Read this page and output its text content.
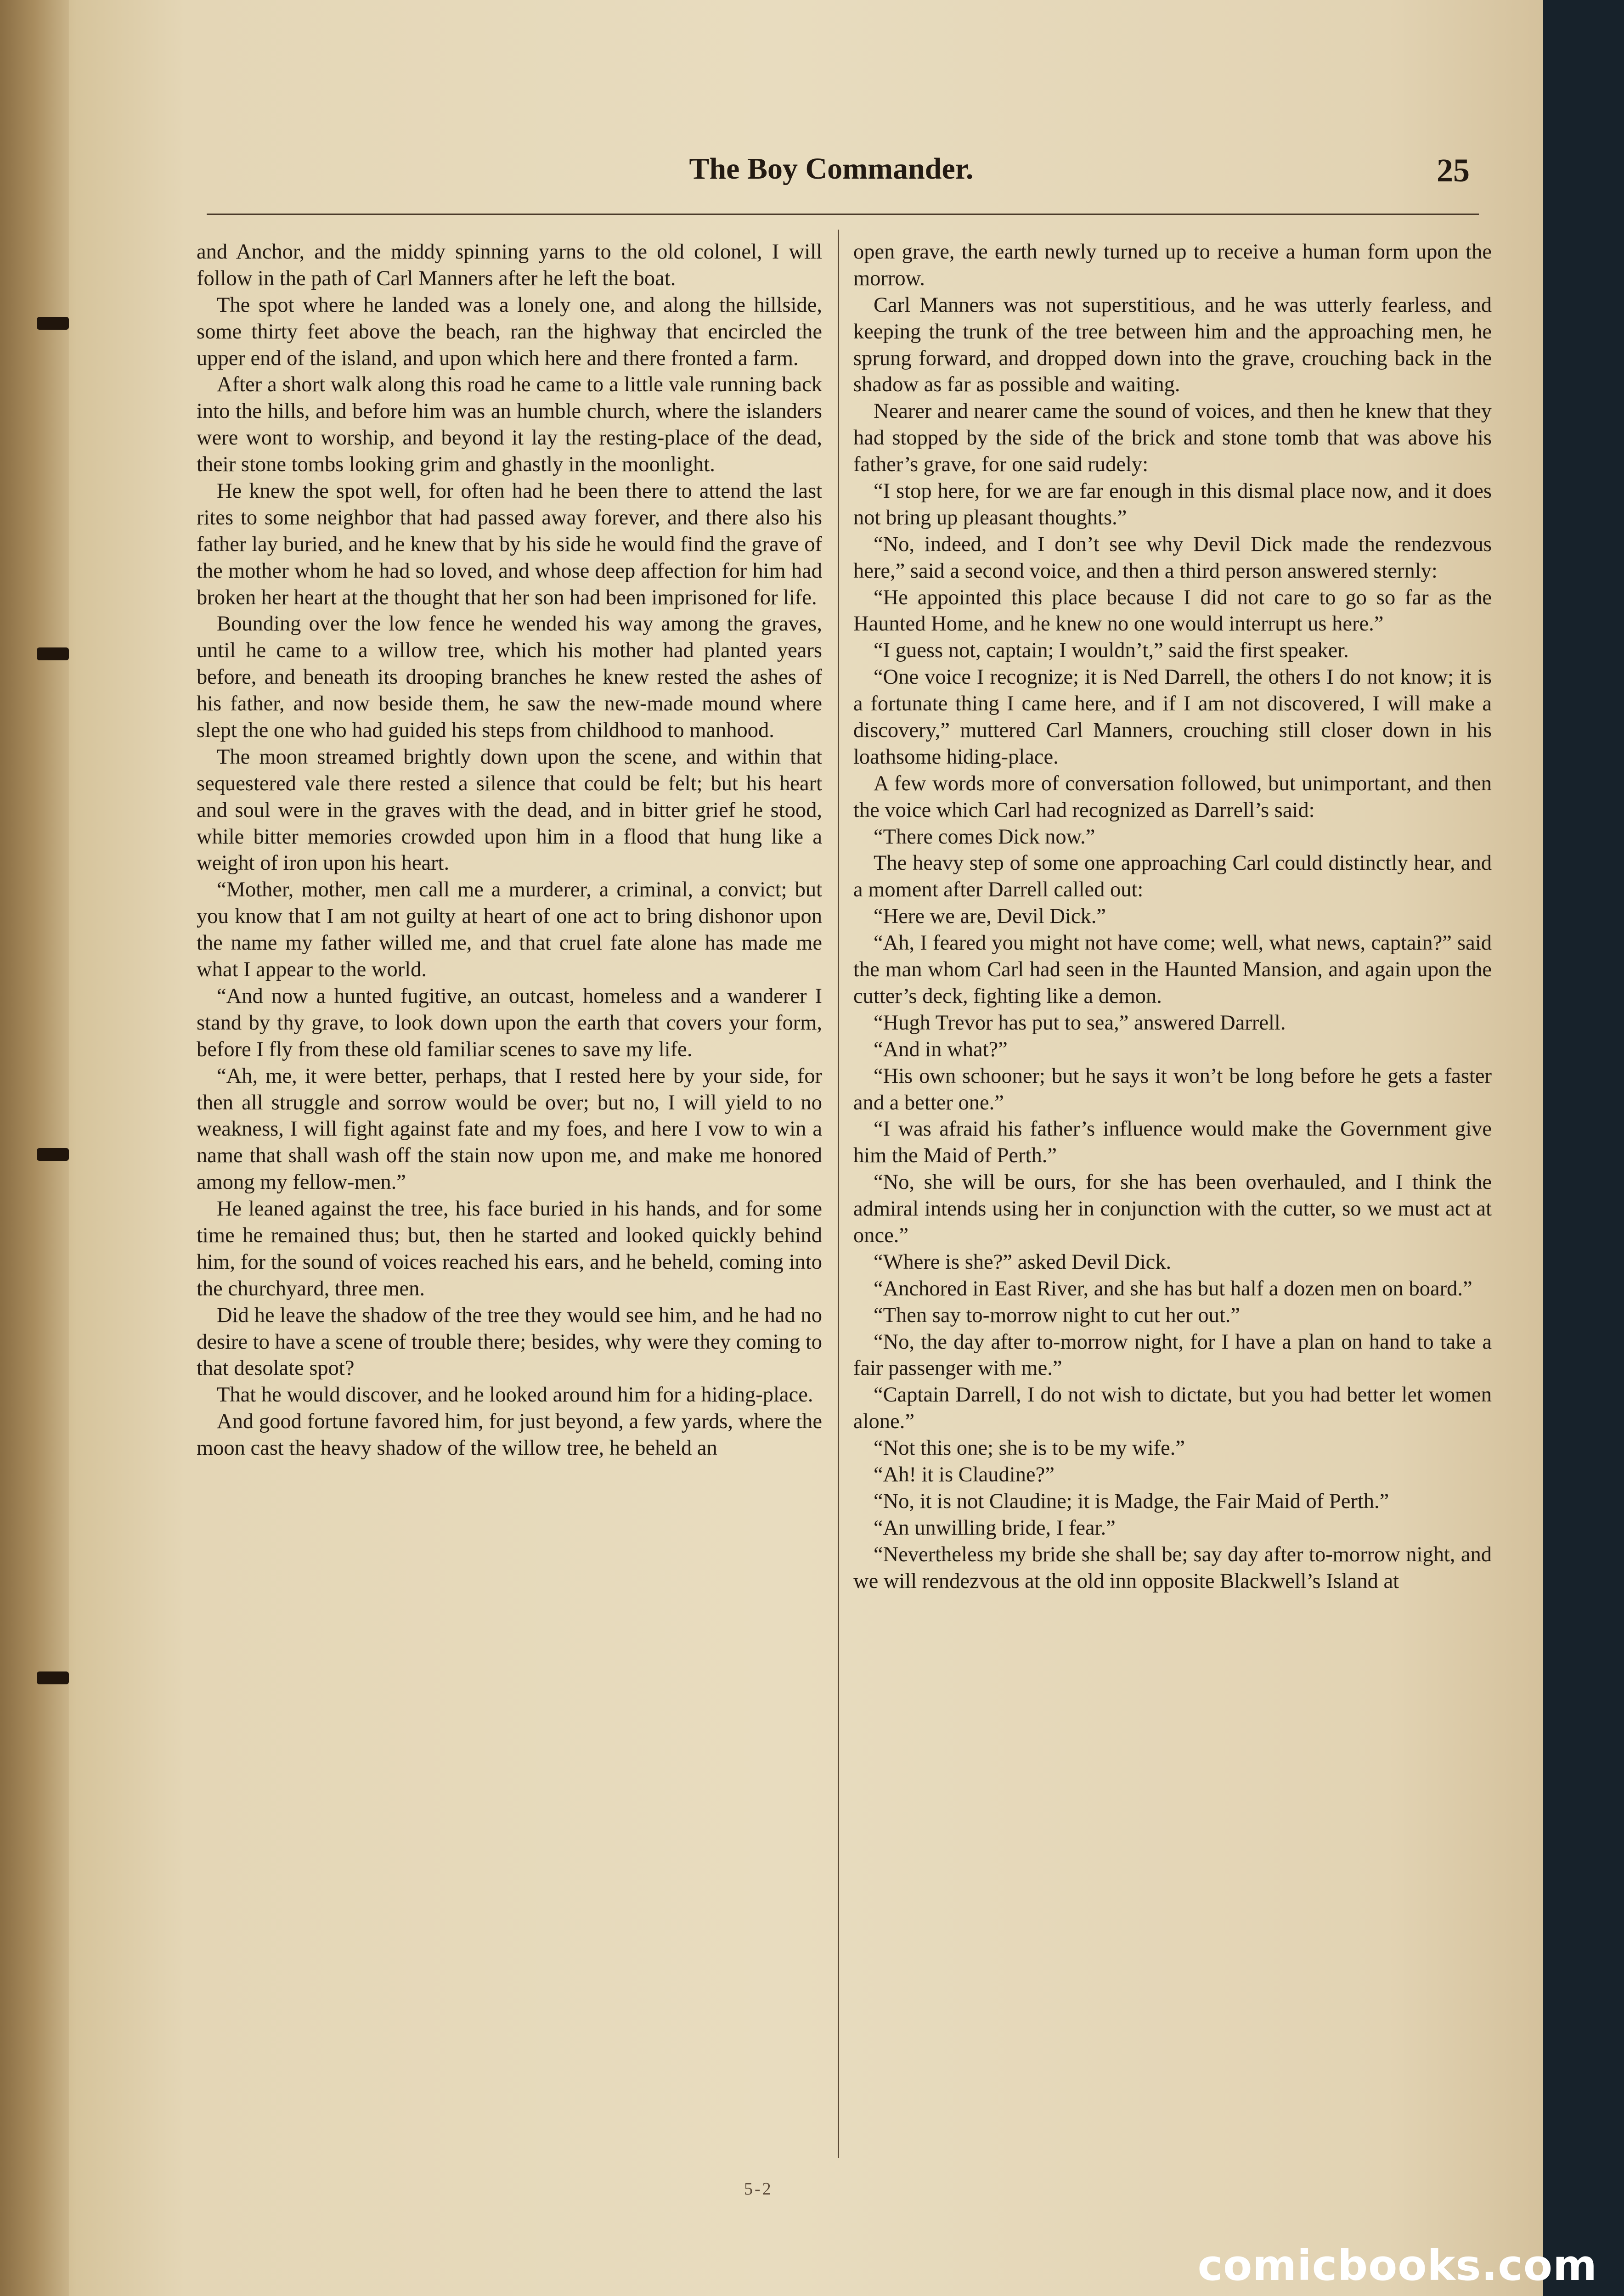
The Boy Commander.	25

and Anchor, and the middy spinning yarns to the old colonel, I will follow in the path of Carl Manners after he left the boat.

The spot where he landed was a lonely one, and along the hillside, some thirty feet above the beach, ran the highway that encircled the upper end of the island, and upon which here and there fronted a farm.

After a short walk along this road he came to a little vale running back into the hills, and before him was an humble church, where the islanders were wont to worship, and beyond it lay the resting-place of the dead, their stone tombs looking grim and ghastly in the moonlight.

He knew the spot well, for often had he been there to attend the last rites to some neighbor that had passed away forever, and there also his father lay buried, and he knew that by his side he would find the grave of the mother whom he had so loved, and whose deep affection for him had broken her heart at the thought that her son had been imprisoned for life.

Bounding over the low fence he wended his way among the graves, until he came to a willow tree, which his mother had planted years before, and beneath its drooping branches he knew rested the ashes of his father, and now beside them, he saw the new-made mound where slept the one who had guided his steps from childhood to manhood.

The moon streamed brightly down upon the scene, and within that sequestered vale there rested a silence that could be felt; but his heart and soul were in the graves with the dead, and in bitter grief he stood, while bitter memories crowded upon him in a flood that hung like a weight of iron upon his heart.

“Mother, mother, men call me a murderer, a criminal, a convict; but you know that I am not guilty at heart of one act to bring dishonor upon the name my father willed me, and that cruel fate alone has made me what I appear to the world.

“And now a hunted fugitive, an outcast, homeless and a wanderer I stand by thy grave, to look down upon the earth that covers your form, before I fly from these old familiar scenes to save my life.

“Ah, me, it were better, perhaps, that I rested here by your side, for then all struggle and sorrow would be over; but no, I will yield to no weakness, I will fight against fate and my foes, and here I vow to win a name that shall wash off the stain now upon me, and make me honored among my fellow-men.”

He leaned against the tree, his face buried in his hands, and for some time he remained thus; but, then he started and looked quickly behind him, for the sound of voices reached his ears, and he beheld, coming into the churchyard, three men.

Did he leave the shadow of the tree they would see him, and he had no desire to have a scene of trouble there; besides, why were they coming to that desolate spot?

That he would discover, and he looked around him for a hiding-place.

And good fortune favored him, for just beyond, a few yards, where the moon cast the heavy shadow of the willow tree, he beheld an

open grave, the earth newly turned up to receive a human form upon the morrow.

Carl Manners was not superstitious, and he was utterly fearless, and keeping the trunk of the tree between him and the approaching men, he sprung forward, and dropped down into the grave, crouching back in the shadow as far as possible and waiting.

Nearer and nearer came the sound of voices, and then he knew that they had stopped by the side of the brick and stone tomb that was above his father’s grave, for one said rudely:

“I stop here, for we are far enough in this dismal place now, and it does not bring up pleasant thoughts.”

“No, indeed, and I don’t see why Devil Dick made the rendezvous here,” said a second voice, and then a third person answered sternly:

“He appointed this place because I did not care to go so far as the Haunted Home, and he knew no one would interrupt us here.”

“I guess not, captain; I wouldn’t,” said the first speaker.

“One voice I recognize; it is Ned Darrell, the others I do not know; it is a fortunate thing I came here, and if I am not discovered, I will make a discovery,” muttered Carl Manners, crouching still closer down in his loathsome hiding-place.

A few words more of conversation followed, but unimportant, and then the voice which Carl had recognized as Darrell’s said:

“There comes Dick now.”

The heavy step of some one approaching Carl could distinctly hear, and a moment after Darrell called out:

“Here we are, Devil Dick.”

“Ah, I feared you might not have come; well, what news, captain?” said the man whom Carl had seen in the Haunted Mansion, and again upon the cutter’s deck, fighting like a demon.

“Hugh Trevor has put to sea,” answered Darrell.

“And in what?”

“His own schooner; but he says it won’t be long before he gets a faster and a better one.”

“I was afraid his father’s influence would make the Government give him the Maid of Perth.”

“No, she will be ours, for she has been overhauled, and I think the admiral intends using her in conjunction with the cutter, so we must act at once.”

“Where is she?” asked Devil Dick.

“Anchored in East River, and she has but half a dozen men on board.”

“Then say to-morrow night to cut her out.”

“No, the day after to-morrow night, for I have a plan on hand to take a fair passenger with me.”

“Captain Darrell, I do not wish to dictate, but you had better let women alone.”

“Not this one; she is to be my wife.”

“Ah! it is Claudine?”

“No, it is not Claudine; it is Madge, the Fair Maid of Perth.”

“An unwilling bride, I fear.”

“Nevertheless my bride she shall be; say day after to-morrow night, and we will rendezvous at the old inn opposite Blackwell’s Island at

5-2
comicbooks.com
